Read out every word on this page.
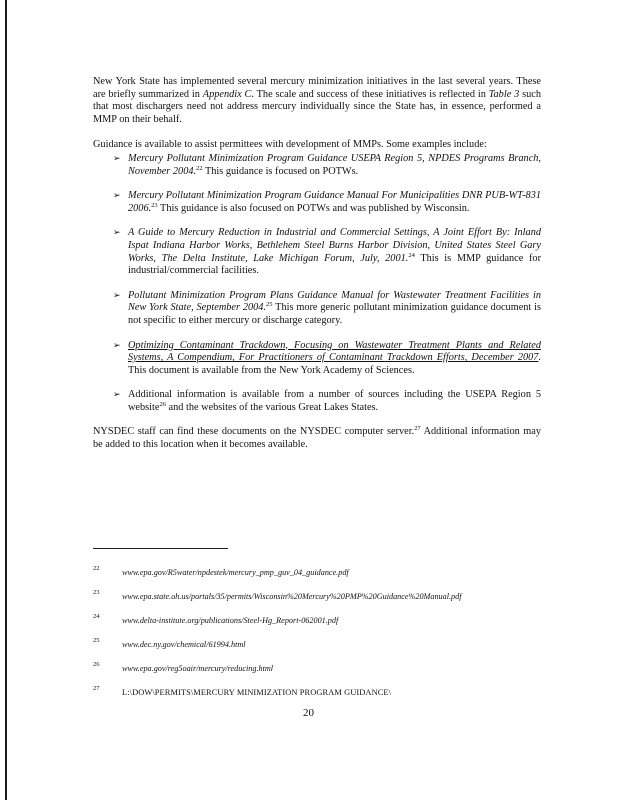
New York State has implemented several mercury minimization initiatives in the last several years. These are briefly summarized in Appendix C. The scale and success of these initiatives is reflected in Table 3 such that most dischargers need not address mercury individually since the State has, in essence, performed a MMP on their behalf.

Guidance is available to assist permittees with development of MMPs. Some examples include:

➢ Mercury Pollutant Minimization Program Guidance USEPA Region 5, NPDES Programs Branch, November 2004.22 This guidance is focused on POTWs.
➢ Mercury Pollutant Minimization Program Guidance Manual For Municipalities DNR PUB-WT-831 2006.23 This guidance is also focused on POTWs and was published by Wisconsin.
➢ A Guide to Mercury Reduction in Industrial and Commercial Settings, A Joint Effort By: Inland Ispat Indiana Harbor Works, Bethlehem Steel Burns Harbor Division, United States Steel Gary Works, The Delta Institute, Lake Michigan Forum, July, 2001.24 This is MMP guidance for industrial/commercial facilities.
➢ Pollutant Minimization Program Plans Guidance Manual for Wastewater Treatment Facilities in New York State, September 2004.25 This more generic pollutant minimization guidance document is not specific to either mercury or discharge category.
➢ Optimizing Contaminant Trackdown, Focusing on Wastewater Treatment Plants and Related Systems, A Compendium, For Practitioners of Contaminant Trackdown Efforts, December 2007. This document is available from the New York Academy of Sciences.
➢ Additional information is available from a number of sources including the USEPA Region 5 website$^{26}$ and the websites of the various Great Lakes States.

NYSDEC staff can find these documents on the NYSDEC computer server.$^{27}$ Additional information may be added to this location when it becomes available.

22	www.epa.gov/R5water/npdestek/mercury_pmp_guv_04_guidance.pdf
23	www.epa.state.oh.us/portals/35/permits/Wisconsin%20Mercury%20PMP%20Guidance%20Manual.pdf
24	www.delta-institute.org/publications/Steel-Hg_Report-062001.pdf
25	www.dec.ny.gov/chemical/61994.html
26	www.epa.gov/reg5oair/mercury/reducing.html
27	L:\DOW\PERMITS\MERCURY MINIMIZATION PROGRAM GUIDANCE\
20
